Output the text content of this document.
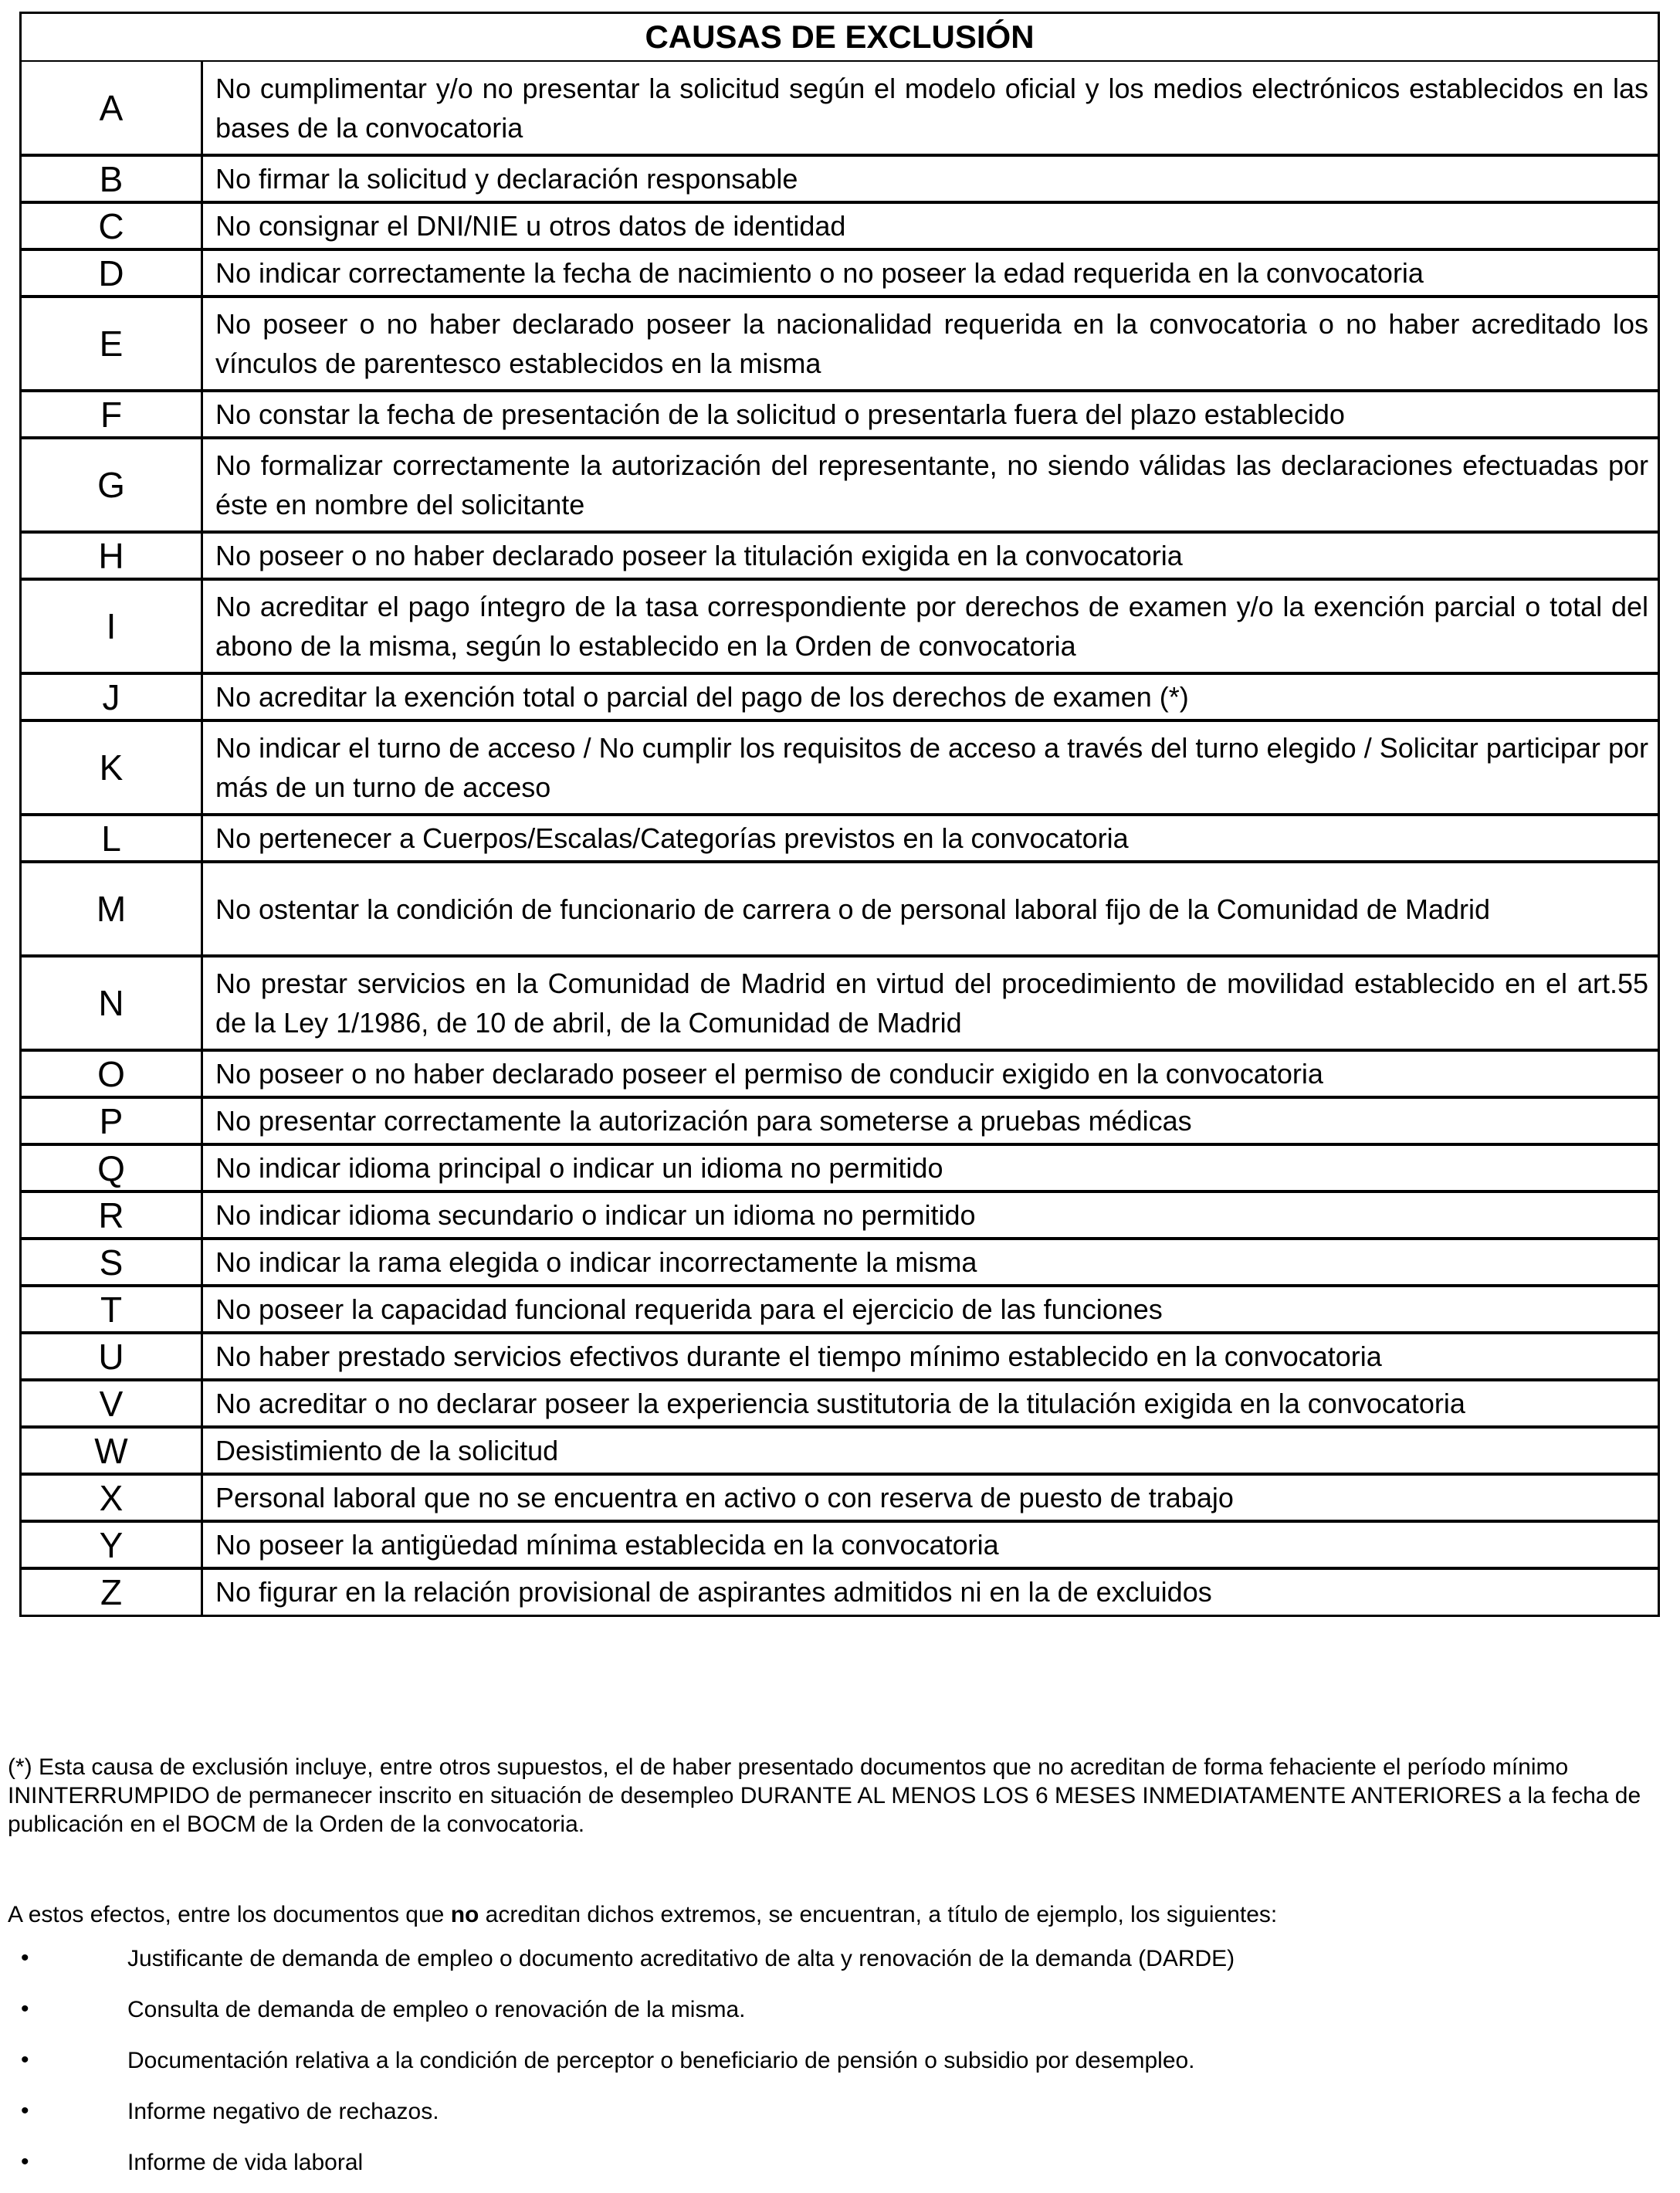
CAUSAS DE EXCLUSIÓN	
A	No cumplimentar y/o no presentar la solicitud según el modelo oficial y los medios electrónicos establecidos en las bases de la convocatoria
B	No firmar la solicitud y declaración responsable
C	No consignar el DNI/NIE u otros datos de identidad
D	No indicar correctamente la fecha de nacimiento o no poseer la edad requerida en la convocatoria
E	No poseer o no haber declarado poseer la nacionalidad requerida en la convocatoria o no haber acreditado los vínculos de parentesco establecidos en la misma
F	No constar la fecha de presentación de la solicitud o presentarla fuera del plazo establecido
G	No formalizar correctamente la autorización del representante, no siendo válidas las declaraciones efectuadas por éste en nombre del solicitante
H	No poseer o no haber declarado poseer la titulación exigida en la convocatoria
I	No acreditar el pago íntegro de la tasa correspondiente por derechos de examen y/o la exención parcial o total del abono de la misma, según lo establecido en la Orden de convocatoria
J	No acreditar la exención total o parcial del pago de los derechos de examen (*)
K	No indicar el turno de acceso / No cumplir los requisitos de acceso a través del turno elegido / Solicitar participar por más de un turno de acceso
L	No pertenecer a Cuerpos/Escalas/Categorías previstos en la convocatoria
M	No ostentar la condición de funcionario de carrera o de personal laboral fijo de la Comunidad de Madrid
N	No prestar servicios en la Comunidad de Madrid en virtud del procedimiento de movilidad establecido en el art.55 de la Ley 1/1986, de 10 de abril, de la Comunidad de Madrid
O	No poseer o no haber declarado poseer el permiso de conducir exigido en la convocatoria
P	No presentar correctamente la autorización para someterse a pruebas médicas
Q	No indicar idioma principal o indicar un idioma no permitido
R	No indicar idioma secundario o indicar un idioma no permitido
S	No indicar la rama elegida o indicar incorrectamente la misma
T	No poseer la capacidad funcional requerida para el ejercicio de las funciones
U	No haber prestado servicios efectivos durante el tiempo mínimo establecido en la convocatoria
V	No acreditar o no declarar poseer la experiencia sustitutoria de la titulación exigida en la convocatoria
W	Desistimiento de la solicitud
X	Personal laboral que no se encuentra en activo o con reserva de puesto de trabajo
Y	No poseer la antigüedad mínima establecida en la convocatoria
Z	No figurar en la relación provisional de aspirantes admitidos ni en la de excluidos

(*) Esta causa de exclusión incluye, entre otros supuestos, el de haber presentado documentos que no acreditan de forma fehaciente el período mínimo ININTERRUMPIDO de permanecer inscrito en situación de desempleo DURANTE AL MENOS LOS 6 MESES INMEDIATAMENTE ANTERIORES a la fecha de publicación en el BOCM de la Orden de la convocatoria.

A estos efectos, entre los documentos que no acreditan dichos extremos, se encuentran, a título de ejemplo, los siguientes:

•	Justificante de demanda de empleo o documento acreditativo de alta y renovación de la demanda (DARDE)
•	Consulta de demanda de empleo o renovación de la misma.
•	Documentación relativa a la condición de perceptor o beneficiario de pensión o subsidio por desempleo.
•	Informe negativo de rechazos.
•	Informe de vida laboral
